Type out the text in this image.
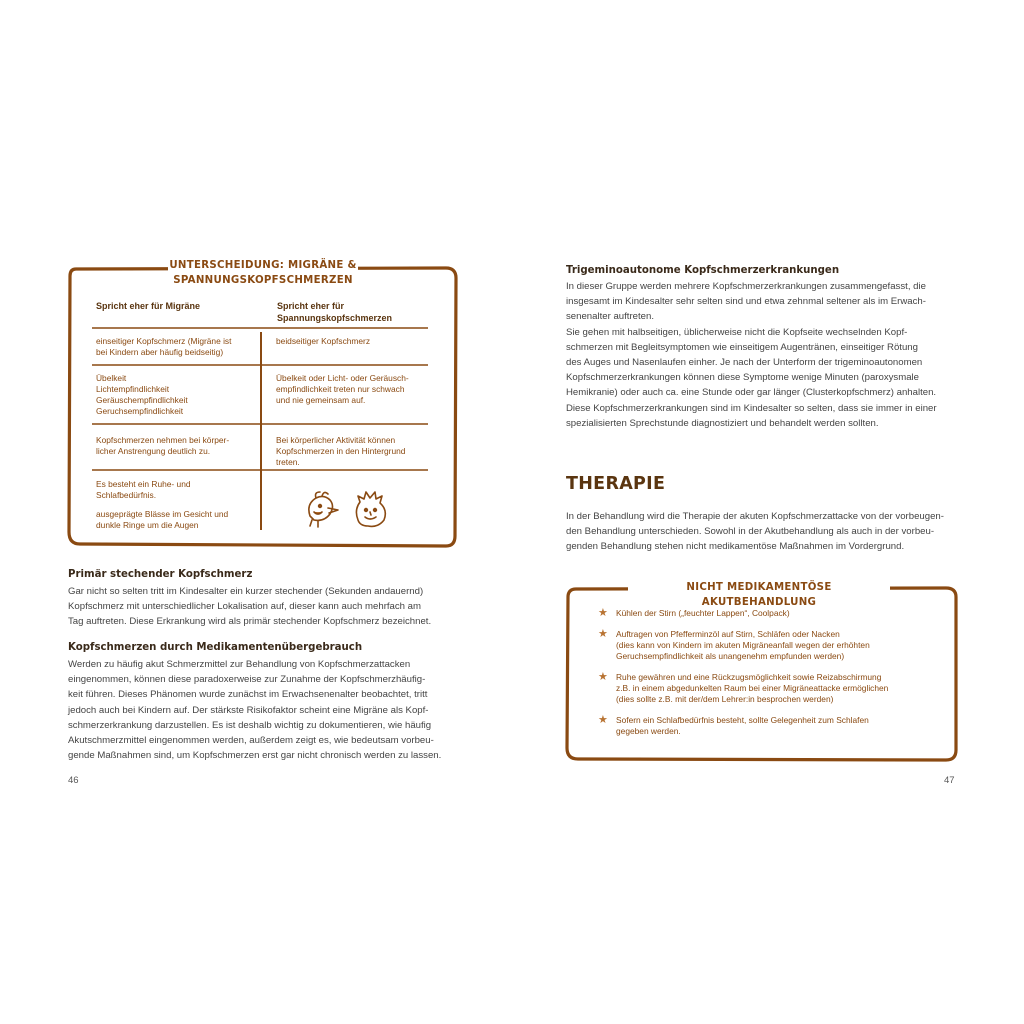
UNTERSCHEIDUNG: MIGRÄNE &
SPANNUNGSKOPFSCHMERZEN
Spricht eher für Migräne	Spricht eher für
Spannungskopfschmerzen
einseitiger Kopfschmerz (Migräne ist
bei Kindern aber häufig beidseitig)
beidseitiger Kopfschmerz
Übelkeit
Lichtempfindlichkeit
Geräuschempfindlichkeit
Geruchsempfindlichkeit
Übelkeit oder Licht- oder Geräusch-
empfindlichkeit treten nur schwach
und nie gemeinsam auf.
Kopfschmerzen nehmen bei körper-
licher Anstrengung deutlich zu.
Bei körperlicher Aktivität können
Kopfschmerzen in den Hintergrund
treten.
Es besteht ein Ruhe- und
Schlafbedürfnis.
ausgeprägte Blässe im Gesicht und
dunkle Ringe um die Augen
Primär stechender Kopfschmerz
Gar nicht so selten tritt im Kindesalter ein kurzer stechender (Sekunden andauernd)
Kopfschmerz mit unterschiedlicher Lokalisation auf, dieser kann auch mehrfach am
Tag auftreten. Diese Erkrankung wird als primär stechender Kopfschmerz bezeichnet.
Kopfschmerzen durch Medikamentenübergebrauch
Werden zu häufig akut Schmerzmittel zur Behandlung von Kopfschmerzattacken
eingenommen, können diese paradoxerweise zur Zunahme der Kopfschmerzhäufig-
keit führen. Dieses Phänomen wurde zunächst im Erwachsenenalter beobachtet, tritt
jedoch auch bei Kindern auf. Der stärkste Risikofaktor scheint eine Migräne als Kopf-
schmerzerkrankung darzustellen. Es ist deshalb wichtig zu dokumentieren, wie häufig
Akutschmerzmittel eingenommen werden, außerdem zeigt es, wie bedeutsam vorbeu-
gende Maßnahmen sind, um Kopfschmerzen erst gar nicht chronisch werden zu lassen.
46
Trigeminoautonome Kopfschmerzerkrankungen
In dieser Gruppe werden mehrere Kopfschmerzerkrankungen zusammengefasst, die
insgesamt im Kindesalter sehr selten sind und etwa zehnmal seltener als im Erwach-
senenalter auftreten.
Sie gehen mit halbseitigen, üblicherweise nicht die Kopfseite wechselnden Kopf-
schmerzen mit Begleitsymptomen wie einseitigem Augentränen, einseitiger Rötung
des Auges und Nasenlaufen einher. Je nach der Unterform der trigeminoautonomen
Kopfschmerzerkrankungen können diese Symptome wenige Minuten (paroxysmale
Hemikranie) oder auch ca. eine Stunde oder gar länger (Clusterkopfschmerz) anhalten.
Diese Kopfschmerzerkrankungen sind im Kindesalter so selten, dass sie immer in einer
spezialisierten Sprechstunde diagnostiziert und behandelt werden sollten.
THERAPIE
In der Behandlung wird die Therapie der akuten Kopfschmerzattacke von der vorbeugen-
den Behandlung unterschieden. Sowohl in der Akutbehandlung als auch in der vorbeu-
genden Behandlung stehen nicht medikamentöse Maßnahmen im Vordergrund.
NICHT MEDIKAMENTÖSE AKUTBEHANDLUNG
★ Kühlen der Stirn („feuchter Lappen“, Coolpack)
★ Auftragen von Pfefferminzöl auf Stirn, Schläfen oder Nacken
(dies kann von Kindern im akuten Migräneanfall wegen der erhöhten
Geruchsempfindlichkeit als unangenehm empfunden werden)
★ Ruhe gewähren und eine Rückzugsmöglichkeit sowie Reizabschirmung
z.B. in einem abgedunkelten Raum bei einer Migräneattacke ermöglichen
(dies sollte z.B. mit der/dem Lehrer:in besprochen werden)
★ Sofern ein Schlafbedürfnis besteht, sollte Gelegenheit zum Schlafen
gegeben werden.
47
